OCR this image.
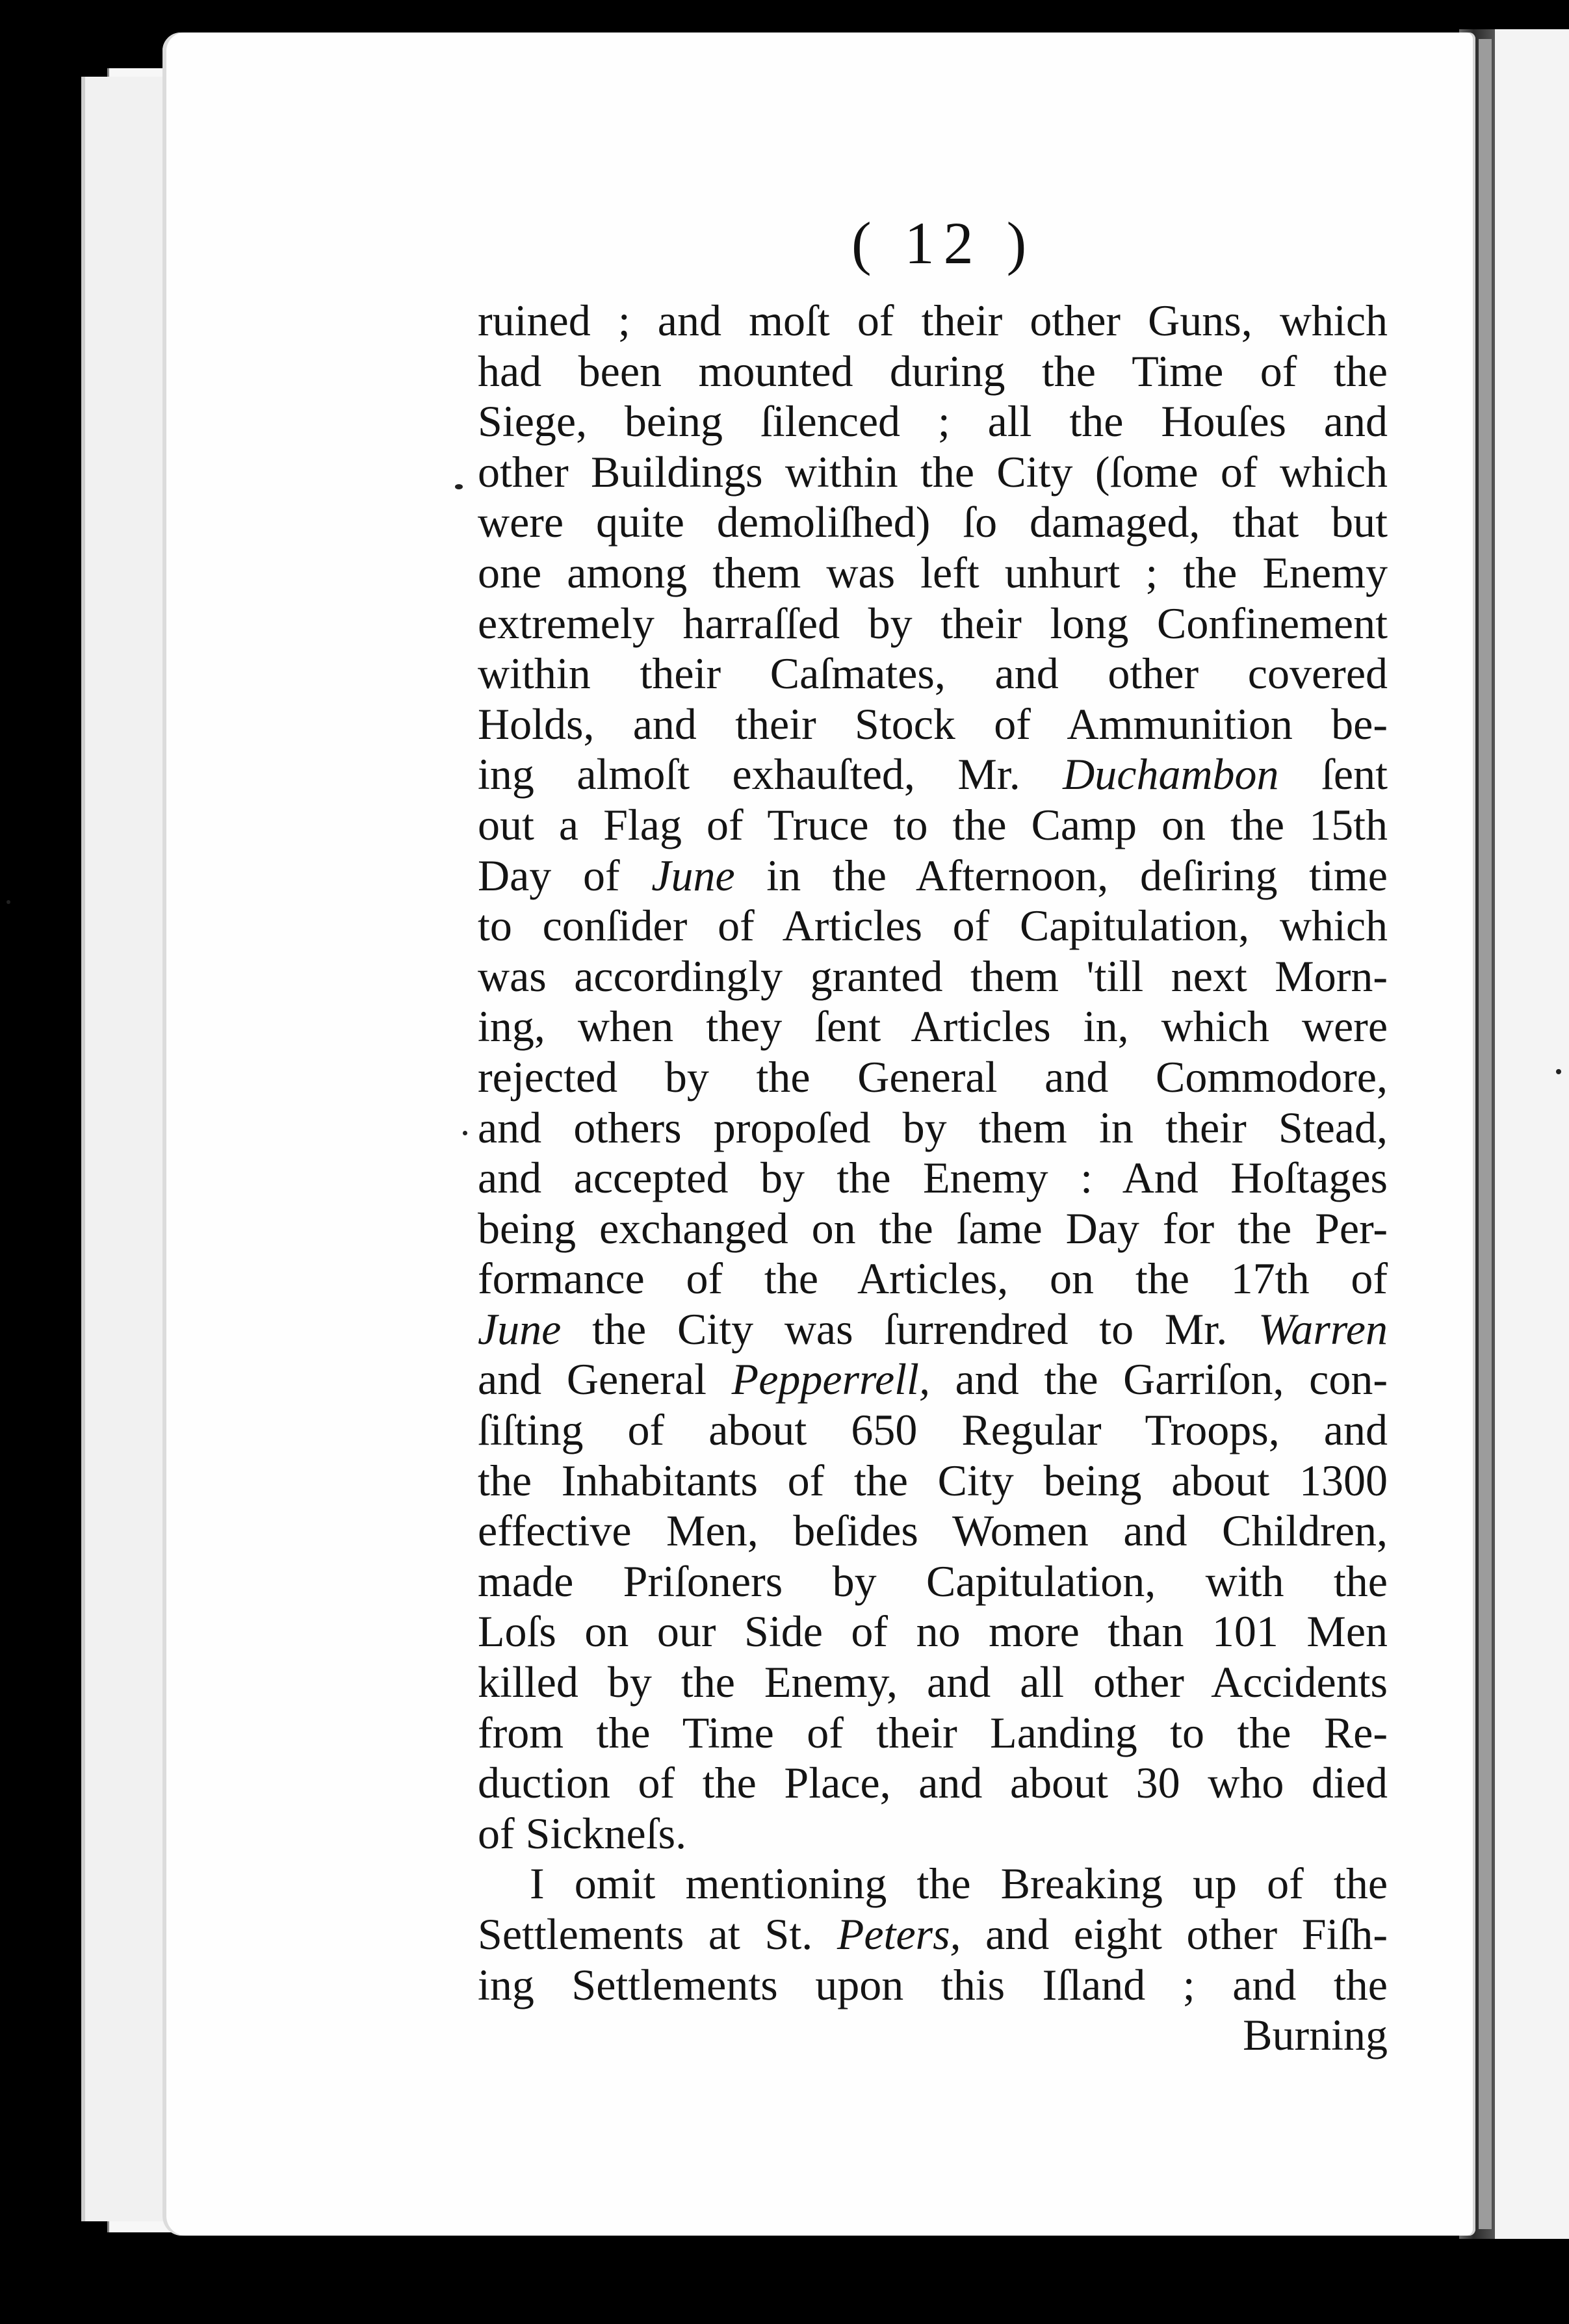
( 12 )
ruined ; and moſt of their other Guns, which
had been mounted during the Time of the
Siege, being ſilenced ; all the Houſes and
other Buildings within the City (ſome of which
were quite demoliſhed) ſo damaged, that but
one among them was left unhurt ; the Enemy
extremely harraſſed by their long Confinement
within their Caſmates, and other covered
Holds, and their Stock of Ammunition be-
ing almoſt exhauſted, Mr. Duchambon ſent
out a Flag of Truce to the Camp on the 15th
Day of June in the Afternoon, deſiring time
to conſider of Articles of Capitulation, which
was accordingly granted them 'till next Morn-
ing, when they ſent Articles in, which were
rejected by the General and Commodore,
and others propoſed by them in their Stead,
and accepted by the Enemy : And Hoſtages
being exchanged on the ſame Day for the Per-
formance of the Articles, on the 17th of
June the City was ſurrendred to Mr. Warren
and General Pepperrell, and the Garriſon, con-
ſiſting of about 650 Regular Troops, and
the Inhabitants of the City being about 1300
effective Men, beſides Women and Children,
made Priſoners by Capitulation, with the
Loſs on our Side of no more than 101 Men
killed by the Enemy, and all other Accidents
from the Time of their Landing to the Re-
duction of the Place, and about 30 who died
of Sickneſs.
I omit mentioning the Breaking up of the
Settlements at St. Peters, and eight other Fiſh-
ing Settlements upon this Iſland ; and the
Burning
